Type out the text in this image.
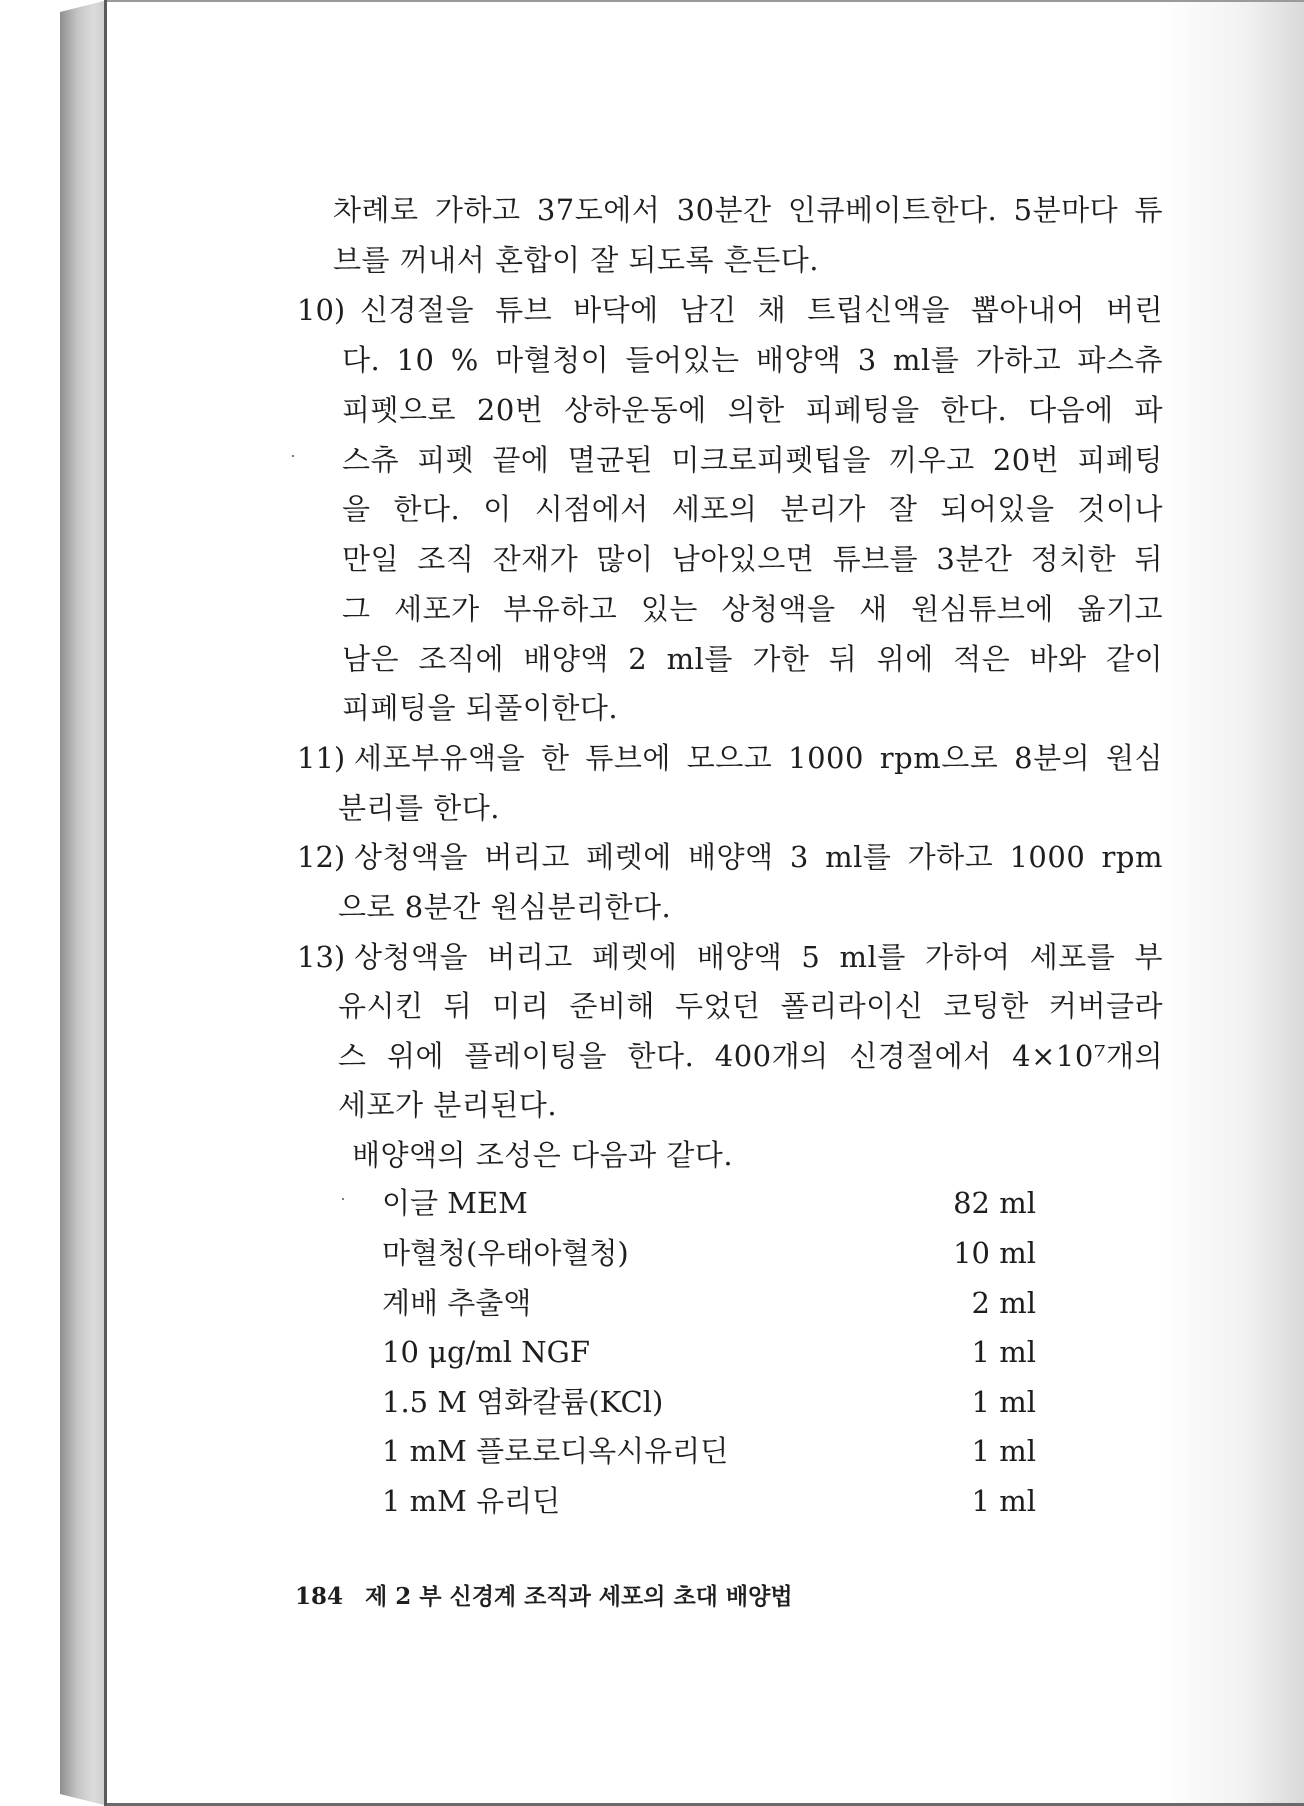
차례로 가하고 37도에서 30분간 인큐베이트한다. 5분마다 튜
브를 꺼내서 혼합이 잘 되도록 흔든다.
10) 신경절을 튜브 바닥에 남긴 채 트립신액을 뽑아내어 버린
다. 10 % 마혈청이 들어있는 배양액 3 ml를 가하고 파스츄
피펫으로 20번 상하운동에 의한 피페팅을 한다. 다음에 파
스츄 피펫 끝에 멸균된 미크로피펫팁을 끼우고 20번 피페팅
을 한다. 이 시점에서 세포의 분리가 잘 되어있을 것이나
만일 조직 잔재가 많이 남아있으면 튜브를 3분간 정치한 뒤
그 세포가 부유하고 있는 상청액을 새 원심튜브에 옮기고
남은 조직에 배양액 2 ml를 가한 뒤 위에 적은 바와 같이
피페팅을 되풀이한다.
11) 세포부유액을 한 튜브에 모으고 1000 rpm으로 8분의 원심
분리를 한다.
12) 상청액을 버리고 페렛에 배양액 3 ml를 가하고 1000 rpm
으로 8분간 원심분리한다.
13) 상청액을 버리고 페렛에 배양액 5 ml를 가하여 세포를 부
유시킨 뒤 미리 준비해 두었던 폴리라이신 코팅한 커버글라
스 위에 플레이팅을 한다. 400개의 신경절에서 4×10⁷개의
세포가 분리된다.
배양액의 조성은 다음과 같다.
이글 MEM	82 ml
마혈청(우태아혈청)	10 ml
계배 추출액	2 ml
10 μg/ml NGF	1 ml
1.5 M 염화칼륨(KCl)	1 ml
1 mM 플로로디옥시유리딘	1 ml
1 mM 유리딘	1 ml
184 제 2 부 신경계 조직과 세포의 초대 배양법
